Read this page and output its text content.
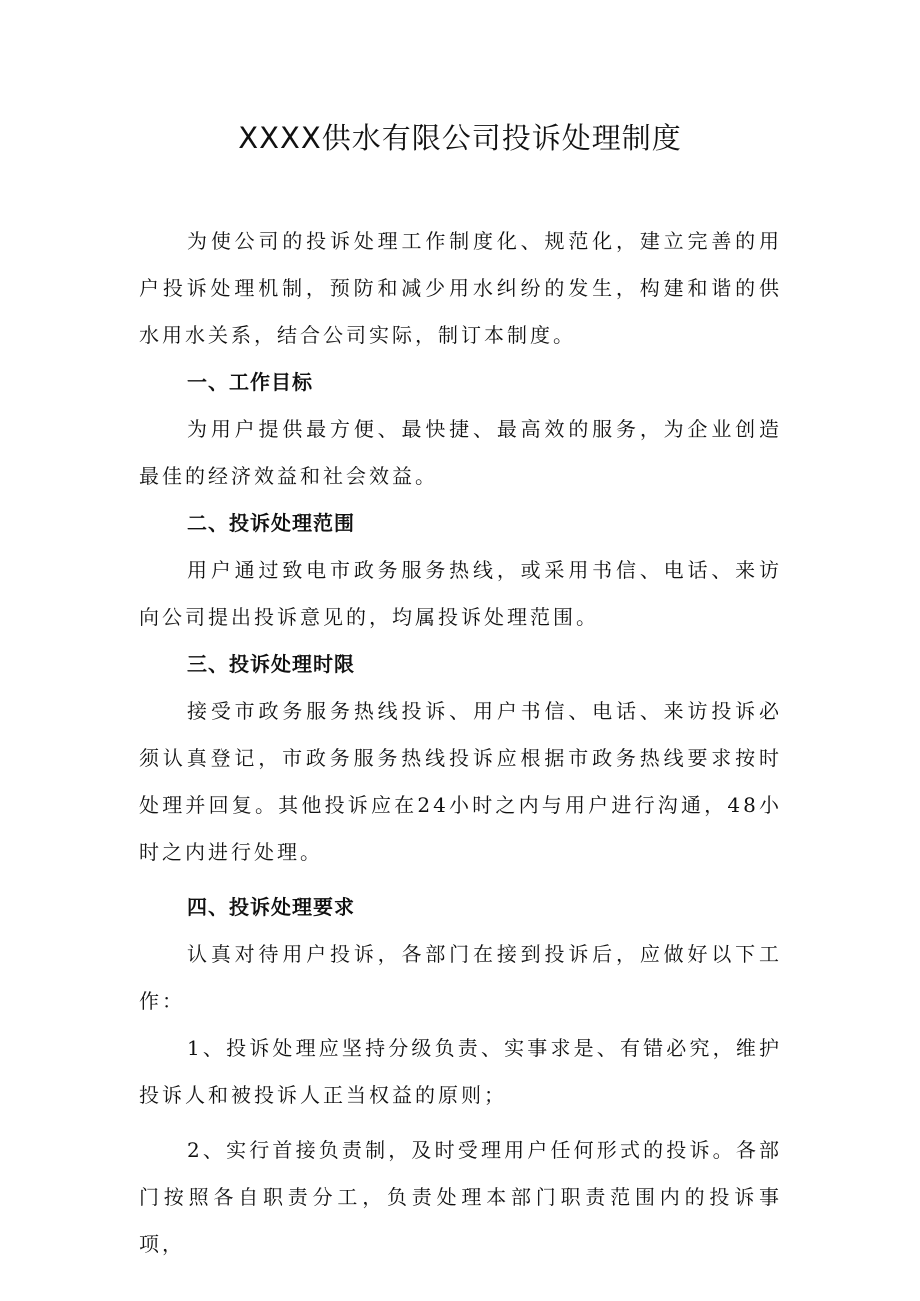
XXXX供水有限公司投诉处理制度

为使公司的投诉处理工作制度化、规范化，建立完善的用户投诉处理机制，预防和减少用水纠纷的发生，构建和谐的供水用水关系，结合公司实际，制订本制度。

一、工作目标

为用户提供最方便、最快捷、最高效的服务，为企业创造最佳的经济效益和社会效益。

二、投诉处理范围

用户通过致电市政务服务热线，或采用书信、电话、来访向公司提出投诉意见的，均属投诉处理范围。

三、投诉处理时限

接受市政务服务热线投诉、用户书信、电话、来访投诉必须认真登记，市政务服务热线投诉应根据市政务热线要求按时处理并回复。其他投诉应在24小时之内与用户进行沟通，48小时之内进行处理。

四、投诉处理要求

认真对待用户投诉，各部门在接到投诉后，应做好以下工作：

1、投诉处理应坚持分级负责、实事求是、有错必究，维护投诉人和被投诉人正当权益的原则；

2、实行首接负责制，及时受理用户任何形式的投诉。各部门按照各自职责分工，负责处理本部门职责范围内的投诉事项，
